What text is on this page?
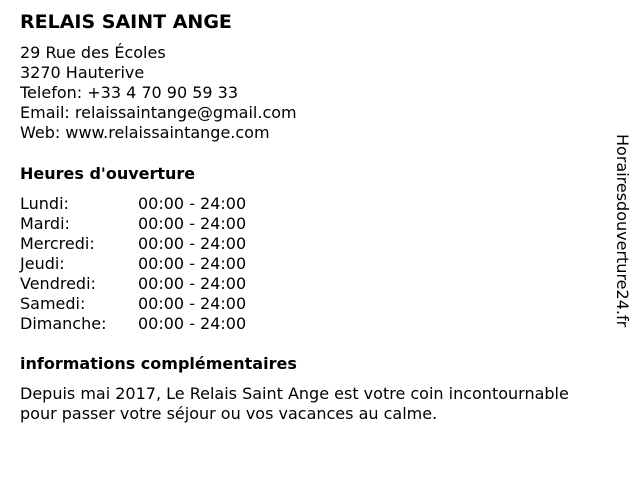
RELAIS SAINT ANGE
29 Rue des Écoles
3270 Hauterive
Telefon: +33 4 70 90 59 33
Email: relaissaintange@gmail.com
Web: www.relaissaintange.com
Heures d'ouverture
Lundi:	00:00 - 24:00
Mardi:	00:00 - 24:00
Mercredi:	00:00 - 24:00
Jeudi:	00:00 - 24:00
Vendredi:	00:00 - 24:00
Samedi:	00:00 - 24:00
Dimanche: 00:00 - 24:00
informations complémentaires
Depuis mai 2017, Le Relais Saint Ange est votre coin incontournable
pour passer votre séjour ou vos vacances au calme.
Horairesdouverture24.fr
